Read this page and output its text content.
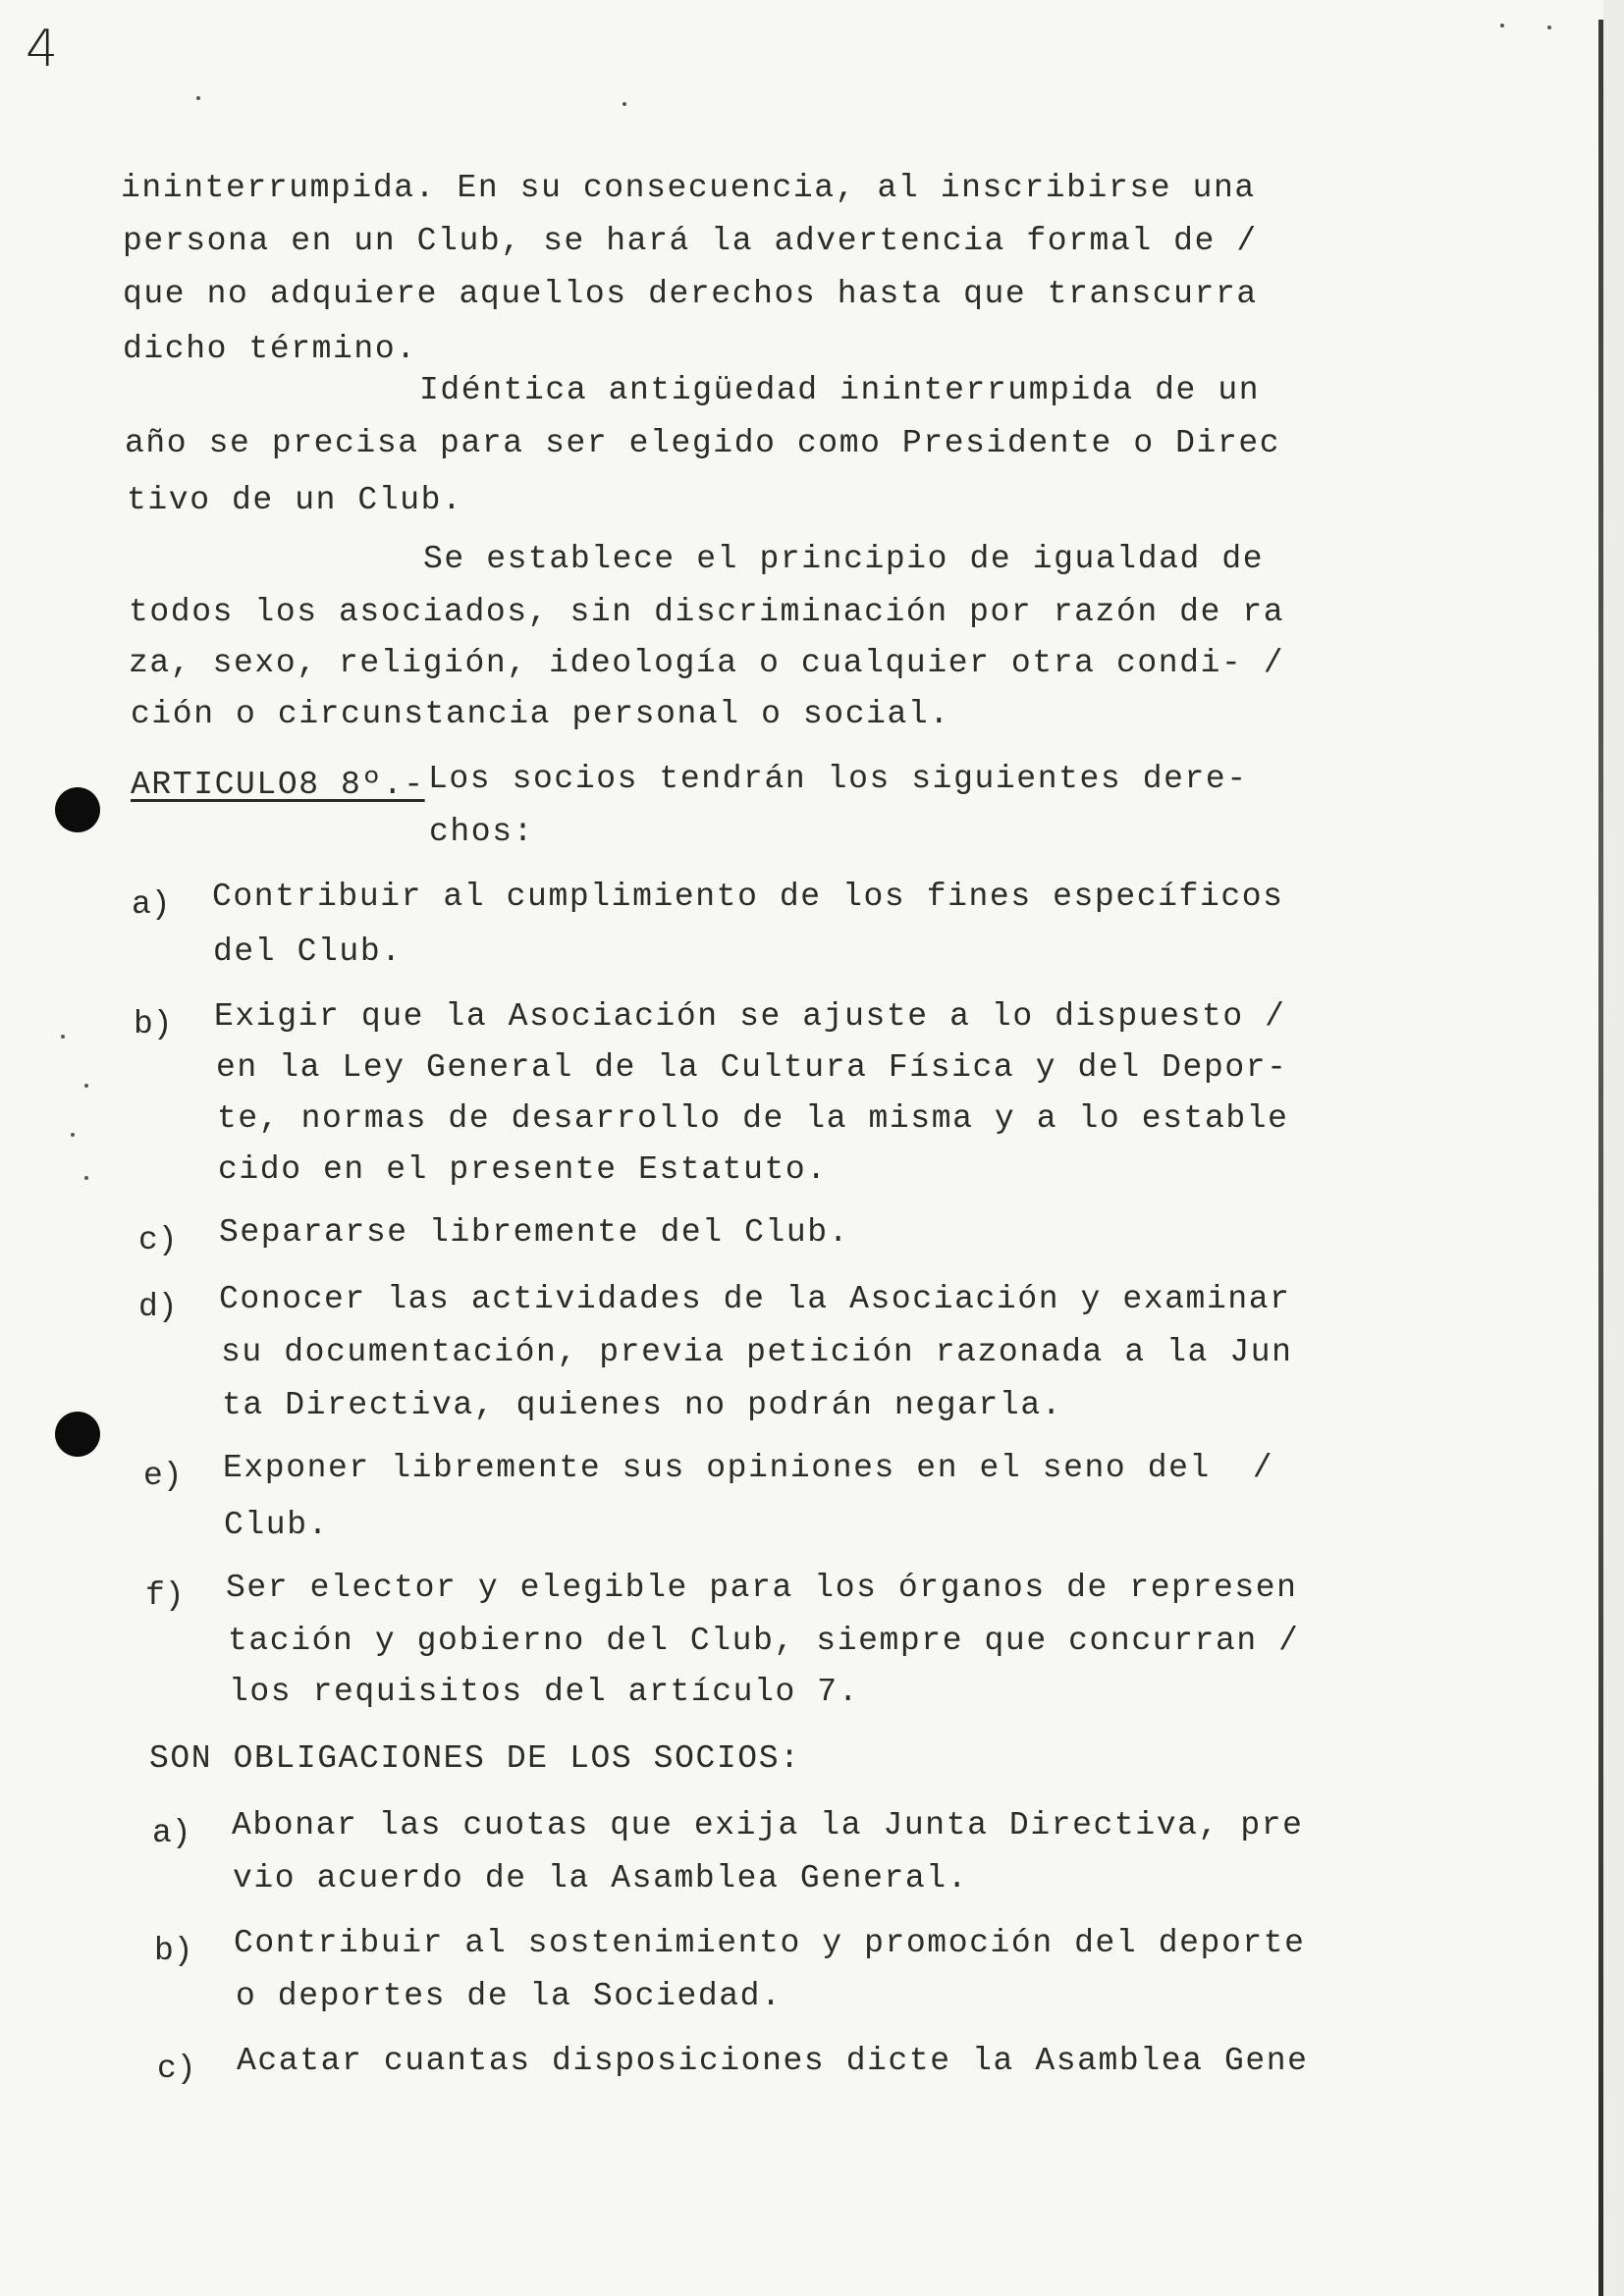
4
ininterrumpida. En su consecuencia, al inscribirse una
persona en un Club, se hará la advertencia formal de /
que no adquiere aquellos derechos hasta que transcurra
dicho término.
Idéntica antigüedad ininterrumpida de un
año se precisa para ser elegido como Presidente o Direc
tivo de un Club.
Se establece el principio de igualdad de
todos los asociados, sin discriminación por razón de ra
za, sexo, religión, ideología o cualquier otra condi- /
ción o circunstancia personal o social.
ARTICULO8 8º.- Los socios tendrán los siguientes dere-
chos:
a) Contribuir al cumplimiento de los fines específicos
del Club.
b) Exigir que la Asociación se ajuste a lo dispuesto /
en la Ley General de la Cultura Física y del Depor-
te, normas de desarrollo de la misma y a lo estable
cido en el presente Estatuto.
c) Separarse libremente del Club.
d) Conocer las actividades de la Asociación y examinar
su documentación, previa petición razonada a la Jun
ta Directiva, quienes no podrán negarla.
e) Exponer libremente sus opiniones en el seno del  /
Club.
f) Ser elector y elegible para los órganos de represen
tación y gobierno del Club, siempre que concurran /
los requisitos del artículo 7.
SON OBLIGACIONES DE LOS SOCIOS:
a) Abonar las cuotas que exija la Junta Directiva, pre
vio acuerdo de la Asamblea General.
b) Contribuir al sostenimiento y promoción del deporte
o deportes de la Sociedad.
c) Acatar cuantas disposiciones dicte la Asamblea Gene
